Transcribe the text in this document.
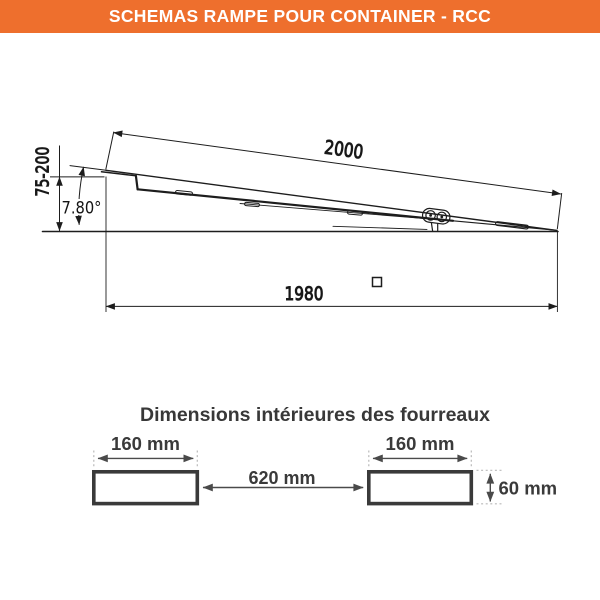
SCHEMAS RAMPE POUR CONTAINER - RCC
2000
75-200
7.80°
1980
Dimensions intérieures des fourreaux
160 mm	160 mm
620 mm	60 mm
